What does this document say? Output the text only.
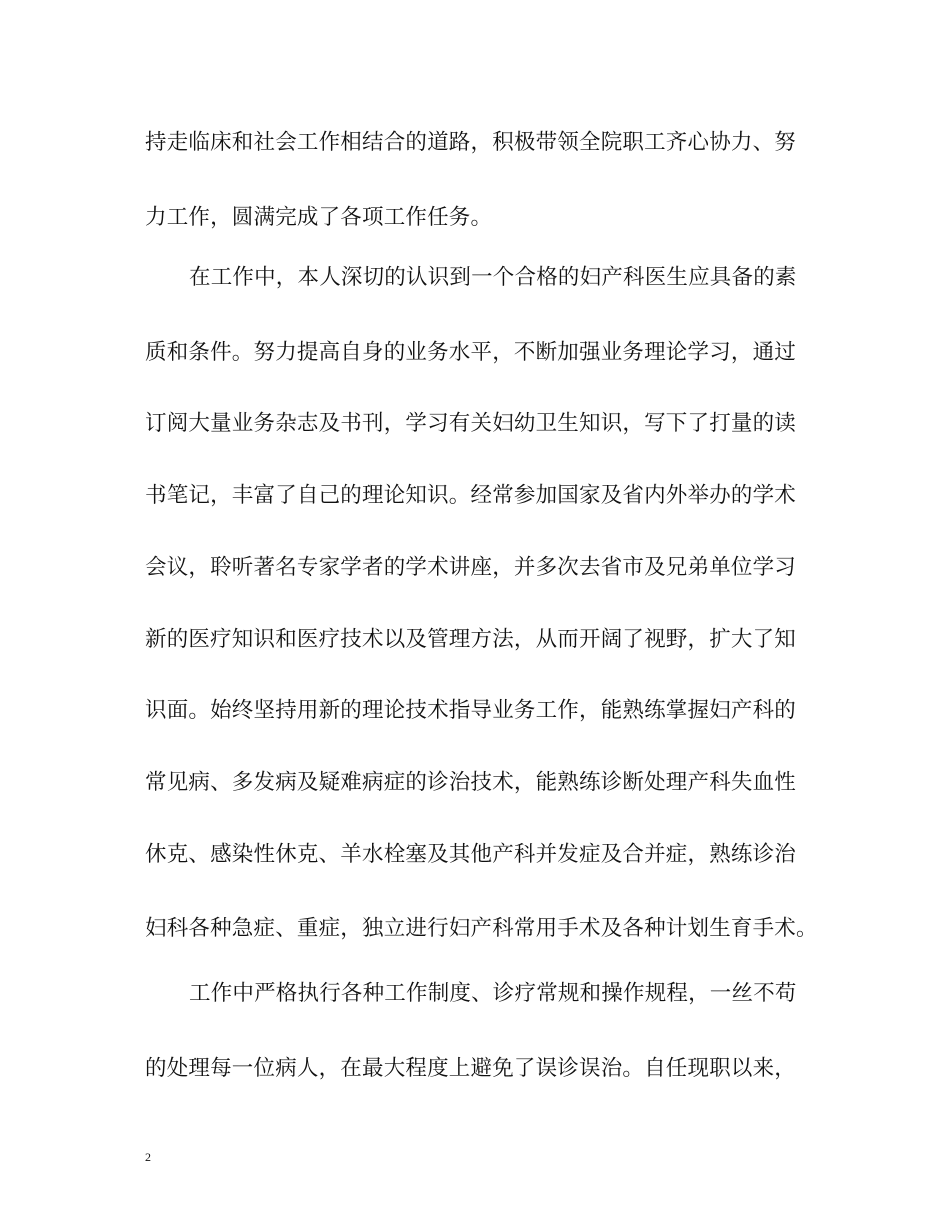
持走临床和社会工作相结合的道路，积极带领全院职工齐心协力、努
力工作，圆满完成了各项工作任务。
在工作中，本人深切的认识到一个合格的妇产科医生应具备的素
质和条件。努力提高自身的业务水平，不断加强业务理论学习，通过
订阅大量业务杂志及书刊，学习有关妇幼卫生知识，写下了打量的读
书笔记，丰富了自己的理论知识。经常参加国家及省内外举办的学术
会议，聆听著名专家学者的学术讲座，并多次去省市及兄弟单位学习
新的医疗知识和医疗技术以及管理方法，从而开阔了视野，扩大了知
识面。始终坚持用新的理论技术指导业务工作，能熟练掌握妇产科的
常见病、多发病及疑难病症的诊治技术，能熟练诊断处理产科失血性
休克、感染性休克、羊水栓塞及其他产科并发症及合并症，熟练诊治
妇科各种急症、重症，独立进行妇产科常用手术及各种计划生育手术。
工作中严格执行各种工作制度、诊疗常规和操作规程，一丝不苟
的处理每一位病人，在最大程度上避免了误诊误治。自任现职以来，
2
